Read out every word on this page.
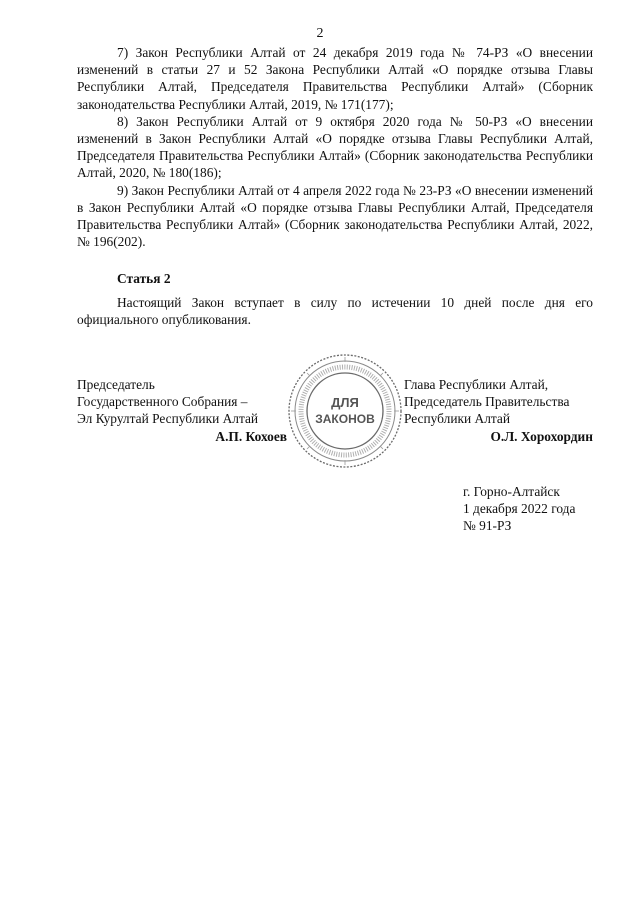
2

7) Закон Республики Алтай от 24 декабря 2019 года № 74-РЗ «О внесении изменений в статьи 27 и 52 Закона Республики Алтай «О порядке отзыва Главы Республики Алтай, Председателя Правительства Республики Алтай» (Сборник законодательства Республики Алтай, 2019, № 171(177);

8) Закон Республики Алтай от 9 октября 2020 года № 50-РЗ «О внесении изменений в Закон Республики Алтай «О порядке отзыва Главы Республики Алтай, Председателя Правительства Республики Алтай» (Сборник законодательства Республики Алтай, 2020, № 180(186);

9) Закон Республики Алтай от 4 апреля 2022 года № 23-РЗ «О внесении изменений в Закон Республики Алтай «О порядке отзыва Главы Республики Алтай, Председателя Правительства Республики Алтай» (Сборник законодательства Республики Алтай, 2022, № 196(202).

Статья 2

Настоящий Закон вступает в силу по истечении 10 дней после дня его официального опубликования.

Председатель
Государственного Собрания –
Эл Курултай Республики Алтай
А.П. Кохоев
ДЛЯ
ЗАКОНОВ
Глава Республики Алтай,
Председатель Правительства
Республики Алтай
О.Л. Хорохордин
г. Горно-Алтайск
1 декабря 2022 года
№ 91-РЗ
